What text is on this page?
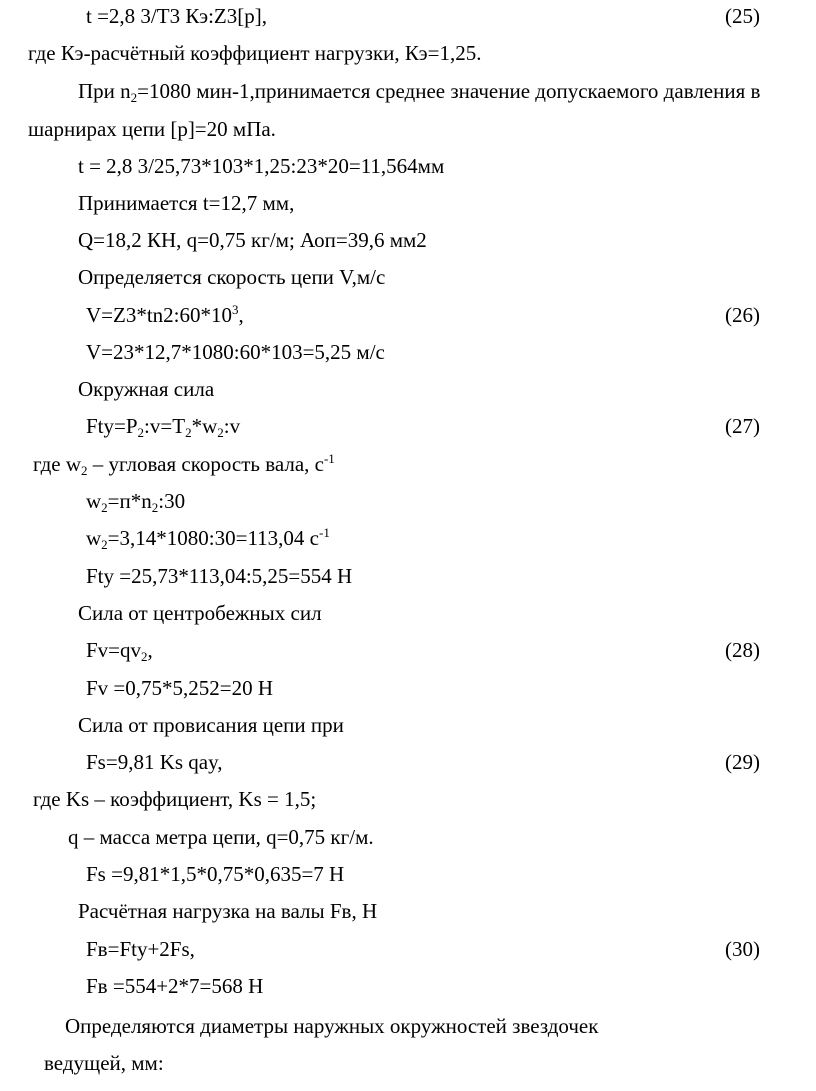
t =2,8 3/T3 Кэ:Z3[p],	(25)
где Кэ-расчётный коэффициент нагрузки, Кэ=1,25.
При $n_2=1080$ мин-1,принимается среднее значение допускаемого давления в
шарнирах цепи [p]=20 мПа.
t = 2,8 3/25,73*103*1,25:23*20=11,564мм
Принимается t=12,7 мм,
Q=18,2 КН, q=0,75 кг/м; Аоп=39,6 мм2
Определяется скорость цепи V,м/с
$V=Z3*tn2:60*10^3$,	(26)
V=23*12,7*1080:60*103=5,25 м/с
Окружная сила
$Fty=P_2:v=T_2*w_2:v$	(27)
где $w_2$ – угловая скорость вала, $с^{-1}$
$w_2=п*n_2:30$
$w_2=3,14*1080:30=113,04$ $с^{-1}$
Fty =25,73*113,04:5,25=554 Н
Сила от центробежных сил
$Fv=qv_2$,	(28)
Fv =0,75*5,252=20 Н
Сила от провисания цепи при
Fs=9,81 Ks qay,	(29)
где Ks – коэффициент, Ks = 1,5;
q – масса метра цепи, q=0,75 кг/м.
Fs =9,81*1,5*0,75*0,635=7 Н
Расчётная нагрузка на валы Fв, Н
Fв=Fty+2Fs,	(30)
Fв =554+2*7=568 Н
Определяются диаметры наружных окружностей звездочек
ведущей, мм:
